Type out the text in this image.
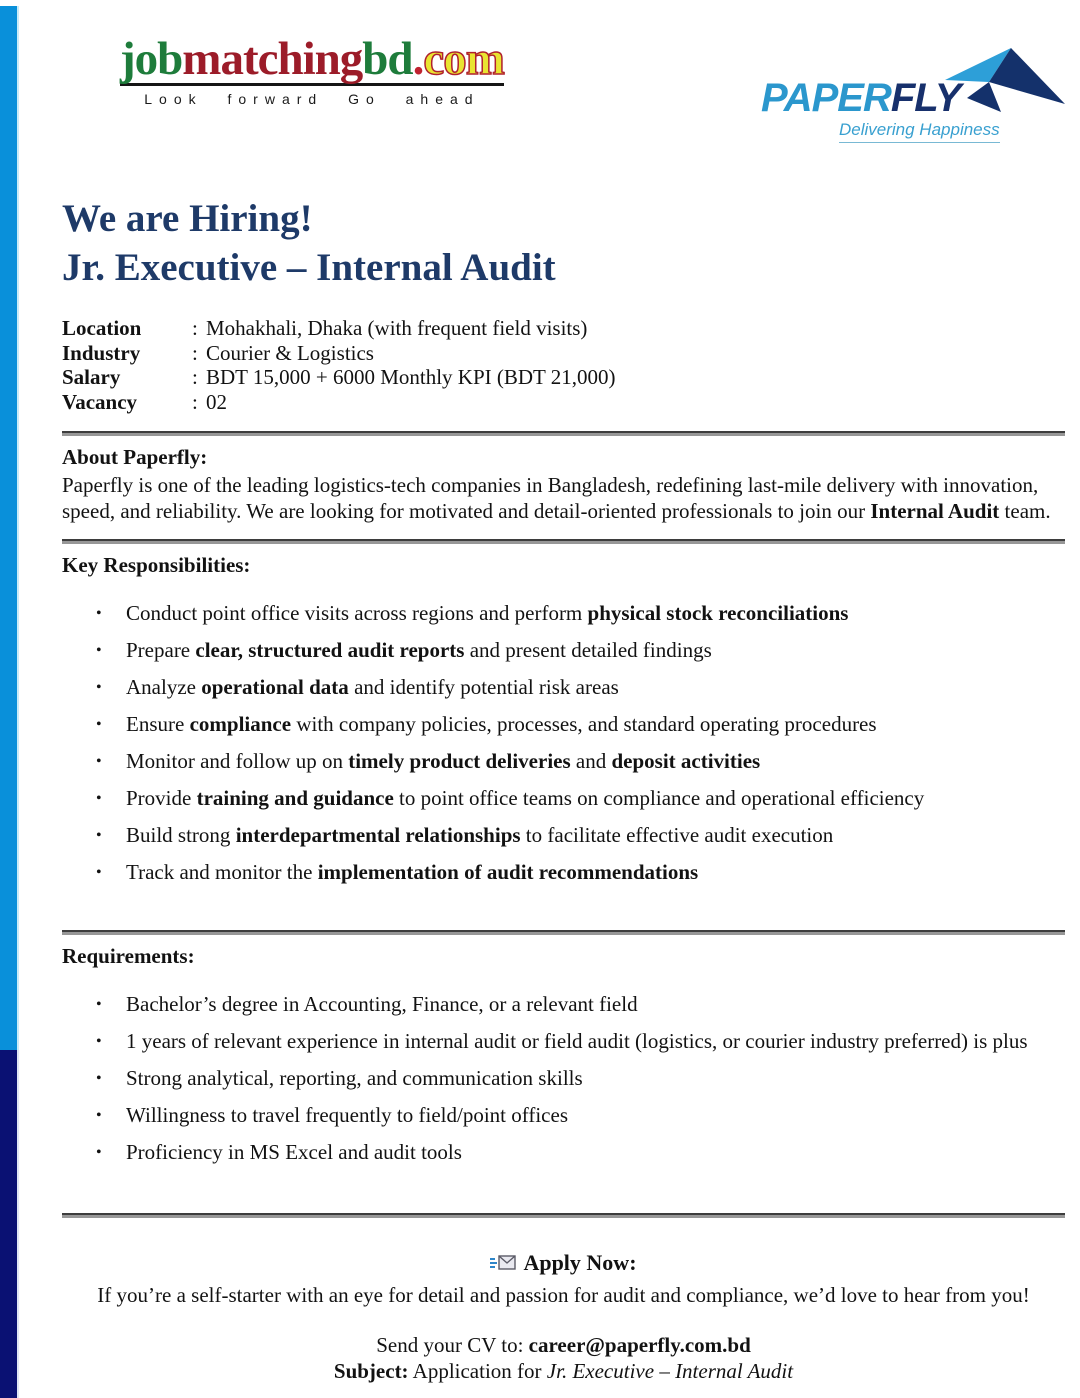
jobmatchingbd.com
Look forward Go ahead	PAPERFLY
Delivering Happiness
We are Hiring!
Jr. Executive – Internal Audit
Location	: Mohakhali, Dhaka (with frequent field visits)
Industry	: Courier & Logistics
Salary	: BDT 15,000 + 6000 Monthly KPI (BDT 21,000)
Vacancy	: 02
About Paperfly:
Paperfly is one of the leading logistics-tech companies in Bangladesh, redefining last-mile delivery with innovation, speed, and reliability. We are looking for motivated and detail-oriented professionals to join our Internal Audit team.
Key Responsibilities:
•	Conduct point office visits across regions and perform physical stock reconciliations
•	Prepare clear, structured audit reports and present detailed findings
•	Analyze operational data and identify potential risk areas
•	Ensure compliance with company policies, processes, and standard operating procedures
•	Monitor and follow up on timely product deliveries and deposit activities
•	Provide training and guidance to point office teams on compliance and operational efficiency
•	Build strong interdepartmental relationships to facilitate effective audit execution
•	Track and monitor the implementation of audit recommendations
Requirements:
•	Bachelor’s degree in Accounting, Finance, or a relevant field
•	1 years of relevant experience in internal audit or field audit (logistics, or courier industry preferred) is plus
•	Strong analytical, reporting, and communication skills
•	Willingness to travel frequently to field/point offices
•	Proficiency in MS Excel and audit tools
Apply Now:
If you’re a self-starter with an eye for detail and passion for audit and compliance, we’d love to hear from you!
Send your CV to: career@paperfly.com.bd
Subject: Application for Jr. Executive – Internal Audit
